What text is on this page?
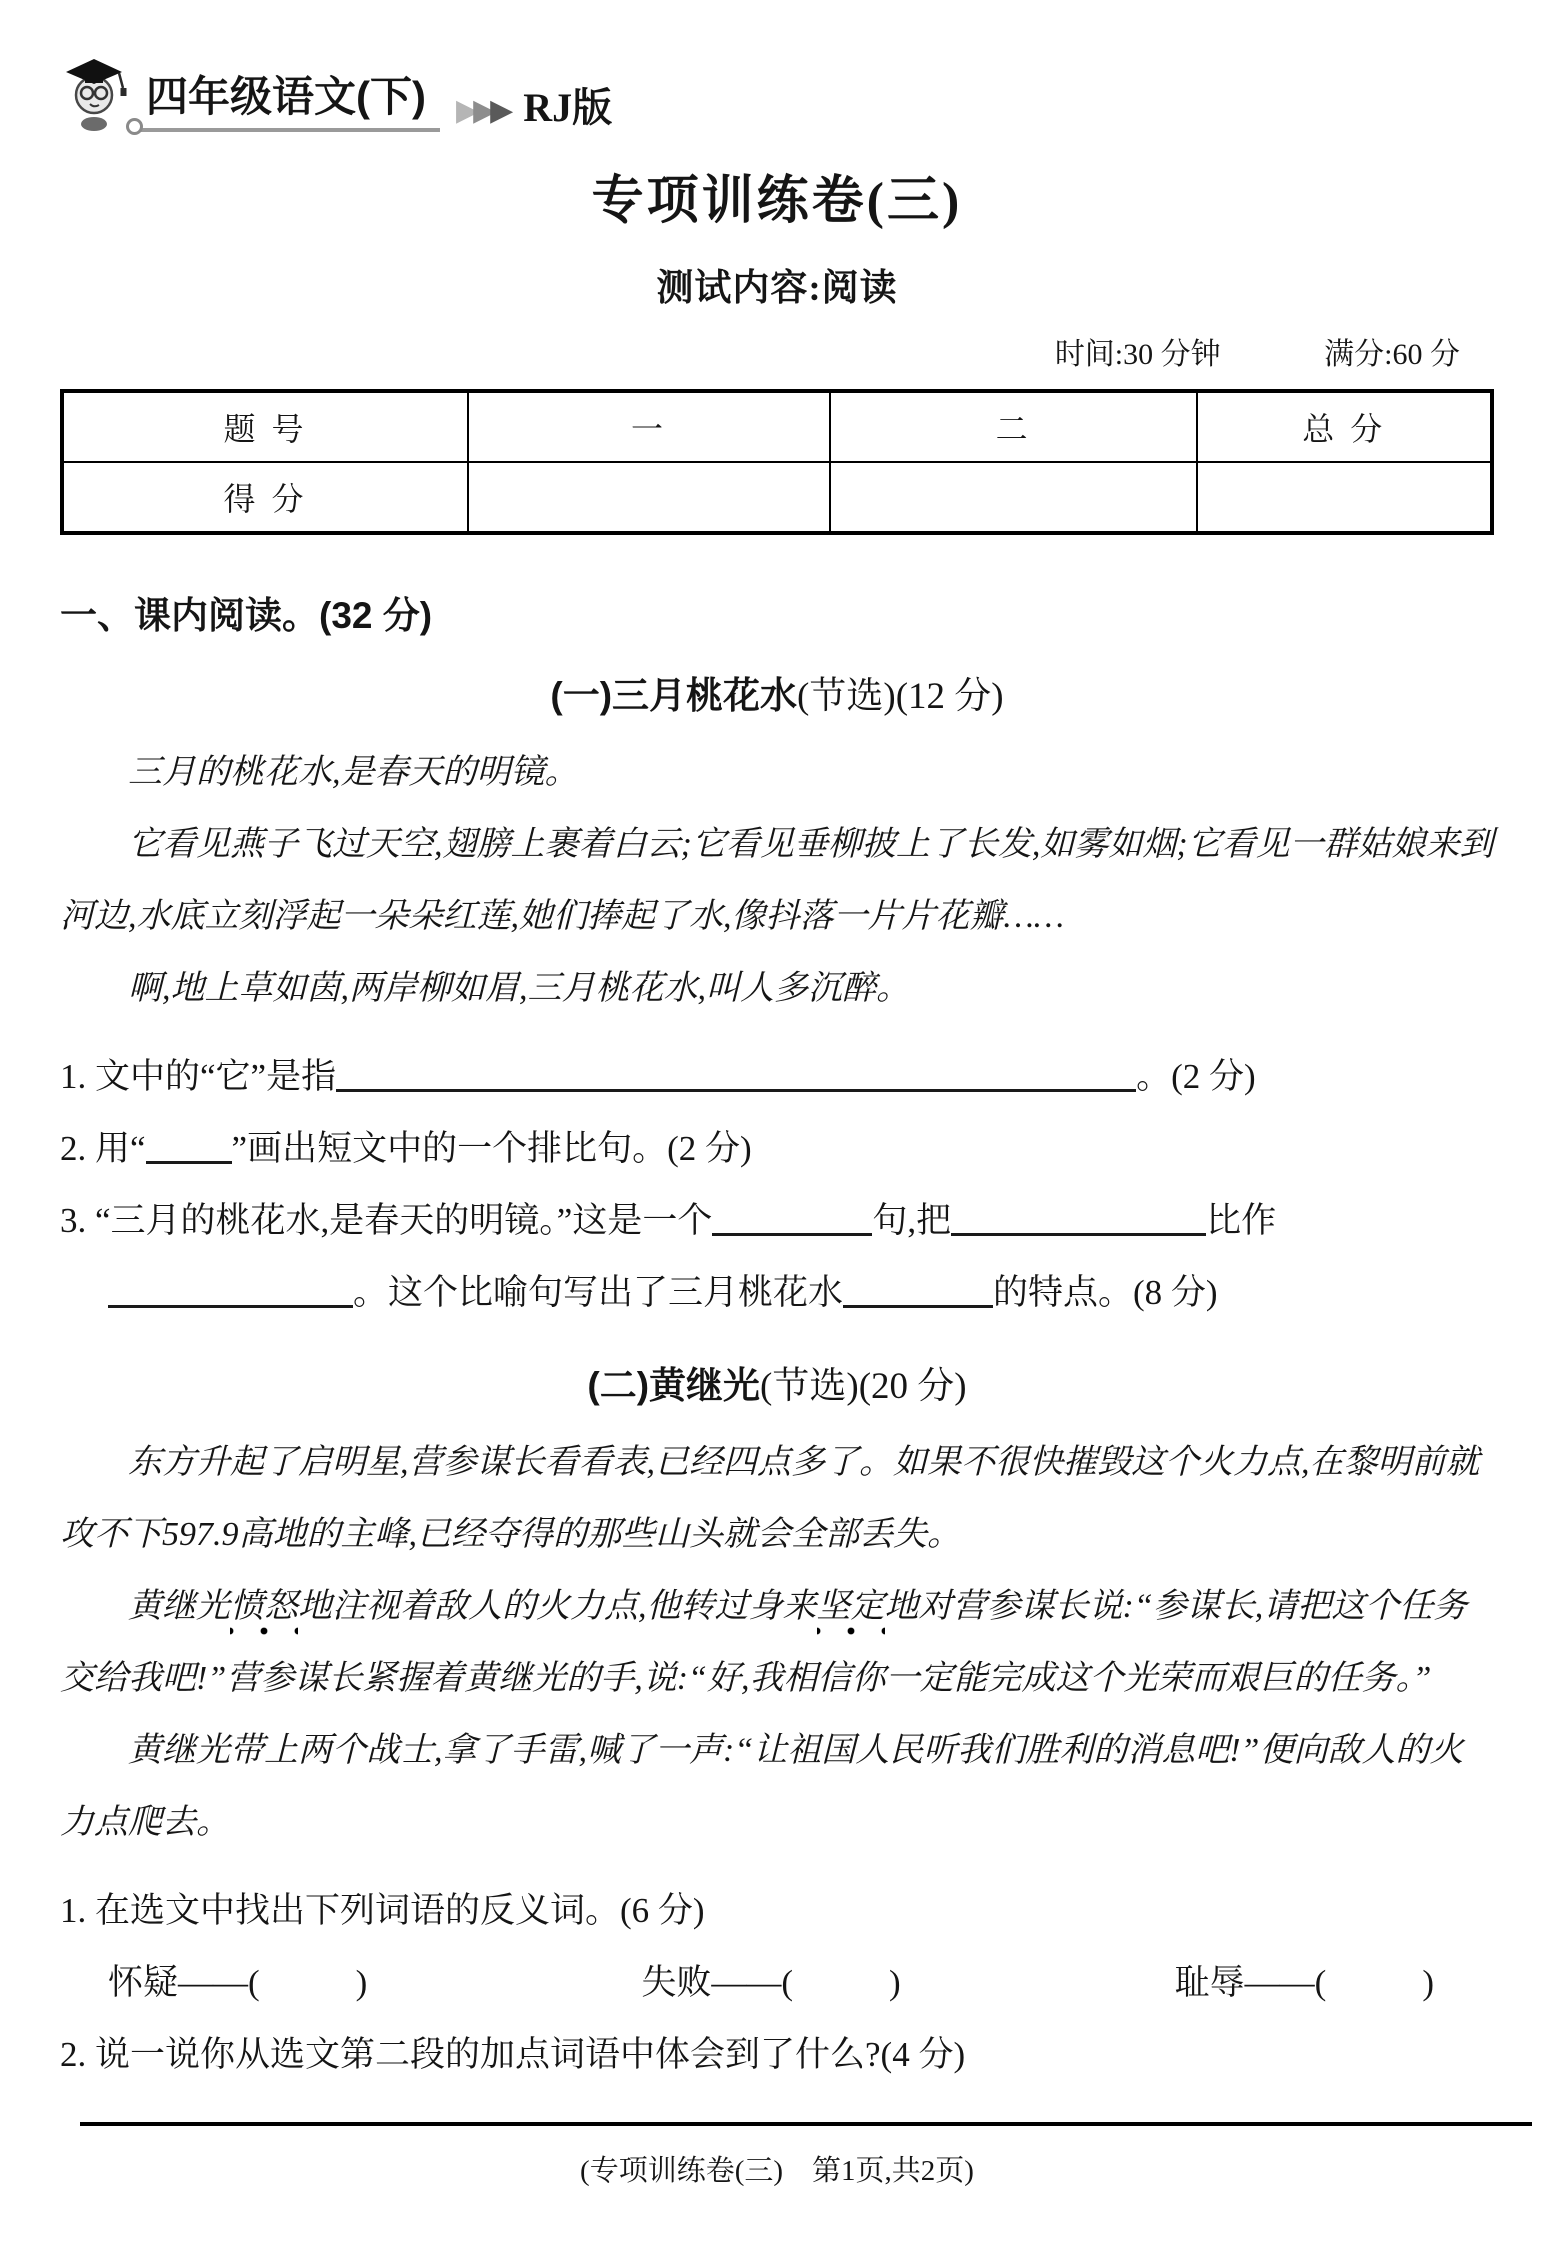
四年级语文(下)	▶▶▶ RJ版
专项训练卷(三)
测试内容:阅读
时间:30 分钟	满分:60 分
题 号	一	二	总 分
得 分			
一、课内阅读。(32 分)
(一)三月桃花水(节选)(12 分)

三月的桃花水,是春天的明镜。

它看见燕子飞过天空,翅膀上裹着白云;它看见垂柳披上了长发,如雾如烟;它看见一群姑娘来到河边,水底立刻浮起一朵朵红莲,她们捧起了水,像抖落一片片花瓣……

啊,地上草如茵,两岸柳如眉,三月桃花水,叫人多沉醉。

1. 文中的“它”是指	。(2 分)
2. 用“ ”画出短文中的一个排比句。(2 分)
3. “三月的桃花水,是春天的明镜。”这是一个	句,把	比作。这个比喻句写出了三月桃花水	的特点。(8 分)
(二)黄继光(节选)(20 分)

东方升起了启明星,营参谋长看看表,已经四点多了。如果不很快摧毁这个火力点,在黎明前就攻不下597.9高地的主峰,已经夺得的那些山头就会全部丢失。

黄继光愤怒地注视着敌人的火力点,他转过身来坚定地对营参谋长说:“参谋长,请把这个任务交给我吧!”营参谋长紧握着黄继光的手,说:“好,我相信你一定能完成这个光荣而艰巨的任务。”

黄继光带上两个战士,拿了手雷,喊了一声:“让祖国人民听我们胜利的消息吧!”便向敌人的火力点爬去。

1. 在选文中找出下列词语的反义词。(6 分)
怀疑——(	)	失败——(	)	耻辱——(	)
2. 说一说你从选文第二段的加点词语中体会到了什么?(4 分)
(专项训练卷(三)　第1页,共2页)
